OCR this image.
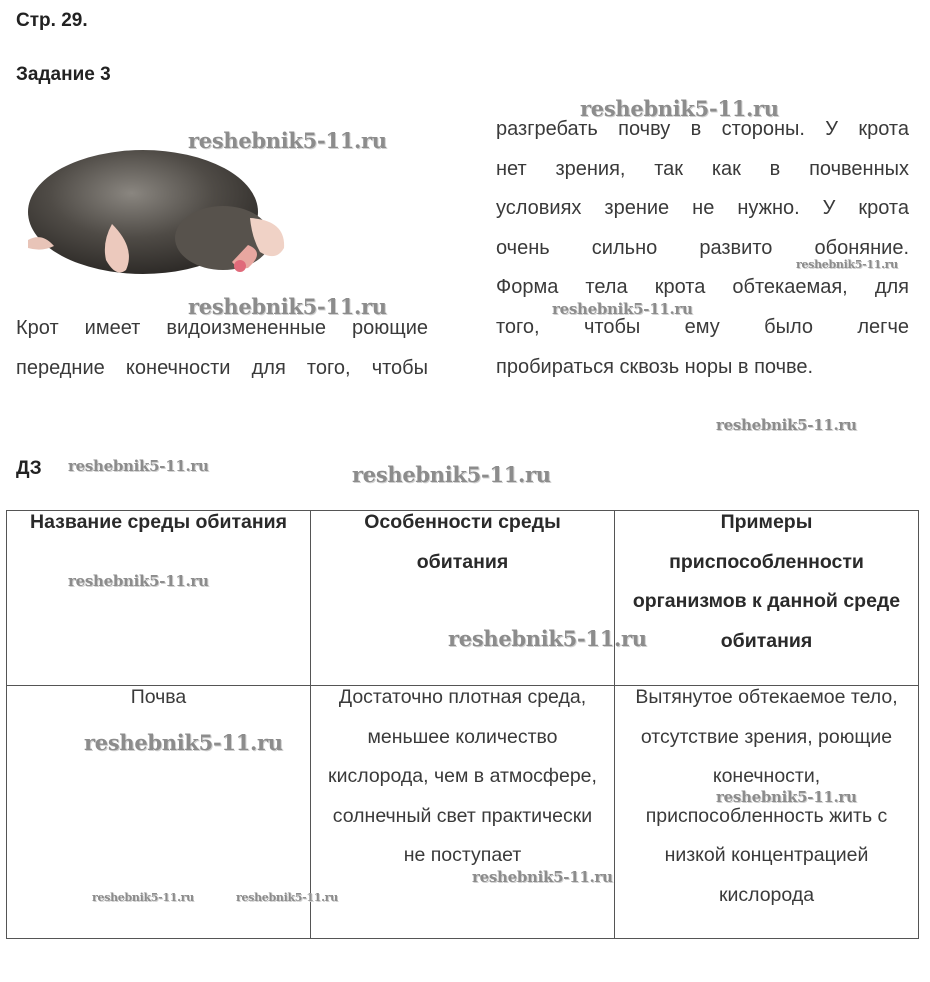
Стр. 29.
Задание 3
Крот имеет видоизмененные роющие передние конечности для того, чтобы
разгребать почву в стороны. У крота
нет зрения, так как в почвенных
условиях зрение не нужно. У крота
очень сильно развито обоняние.
Форма тела крота обтекаемая, для
того, чтобы ему было легче
пробираться сквозь норы в почве.
ДЗ
Название среды обитания	Особенности среды обитания	Примеры приспособленности организмов к данной среде обитания

Почва	Достаточно плотная среда, меньшее количество кислорода, чем в атмосфере, солнечный свет практически не поступает	Вытянутое обтекаемое тело, отсутствие зрения, роющие конечности, приспособленность жить с низкой концентрацией кислорода
reshebnik5-11.ru
reshebnik5-11.ru
reshebnik5-11.ru
reshebnik5-11.ru	reshebnik5-11.ru
reshebnik5-11.ru
reshebnik5-11.ru	reshebnik5-11.ru
reshebnik5-11.ru
reshebnik5-11.ru
reshebnik5-11.ru
reshebnik5-11.ru
reshebnik5-11.ru
reshebnik5-11.ru	reshebnik5-11.ru
